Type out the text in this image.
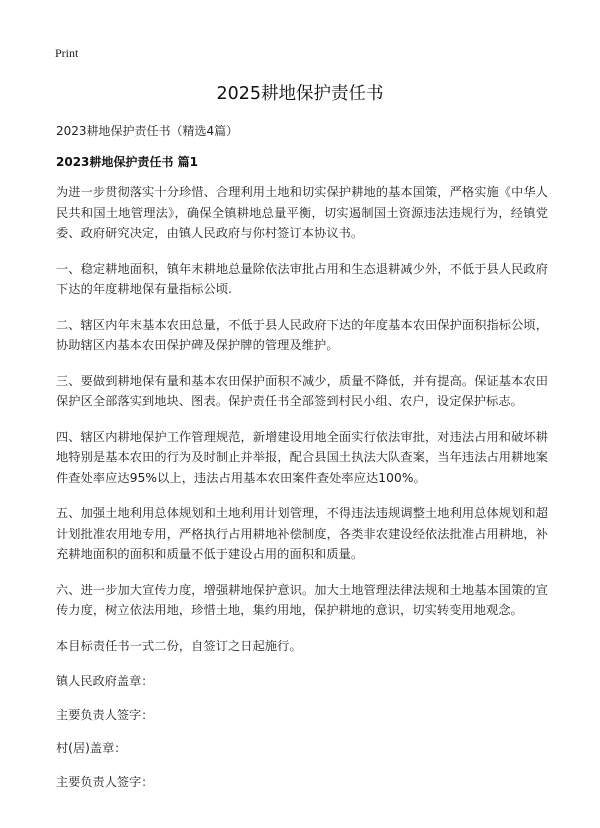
Print
2025耕地保护责任书
2023耕地保护责任书（精选4篇）
2023耕地保护责任书 篇1

为进一步贯彻落实十分珍惜、合理利用土地和切实保护耕地的基本国策，严格实施《中华人民共和国土地管理法》，确保全镇耕地总量平衡，切实遏制国土资源违法违规行为，经镇党委、政府研究决定，由镇人民政府与你村签订本协议书。

一、稳定耕地面积，镇年末耕地总量除依法审批占用和生态退耕减少外，不低于县人民政府下达的年度耕地保有量指标公顷.

二、辖区内年末基本农田总量，不低于县人民政府下达的年度基本农田保护面积指标公顷，协助辖区内基本农田保护碑及保护牌的管理及维护。

三、要做到耕地保有量和基本农田保护面积不减少，质量不降低，并有提高。保证基本农田保护区全部落实到地块、图表。保护责任书全部签到村民小组、农户，设定保护标志。

四、辖区内耕地保护工作管理规范，新增建设用地全面实行依法审批，对违法占用和破坏耕地特别是基本农田的行为及时制止并举报，配合县国土执法大队查案，当年违法占用耕地案件查处率应达95%以上，违法占用基本农田案件查处率应达100%。

五、加强土地利用总体规划和土地利用计划管理，不得违法违规调整土地利用总体规划和超计划批准农用地专用，严格执行占用耕地补偿制度，各类非农建设经依法批准占用耕地，补充耕地面积的面积和质量不低于建设占用的面积和质量。

六、进一步加大宣传力度，增强耕地保护意识。加大土地管理法律法规和土地基本国策的宣传力度，树立依法用地，珍惜土地，集约用地，保护耕地的意识，切实转变用地观念。

本目标责任书一式二份，自签订之日起施行。

镇人民政府盖章：

主要负责人签字：

村(居)盖章：

主要负责人签字：
